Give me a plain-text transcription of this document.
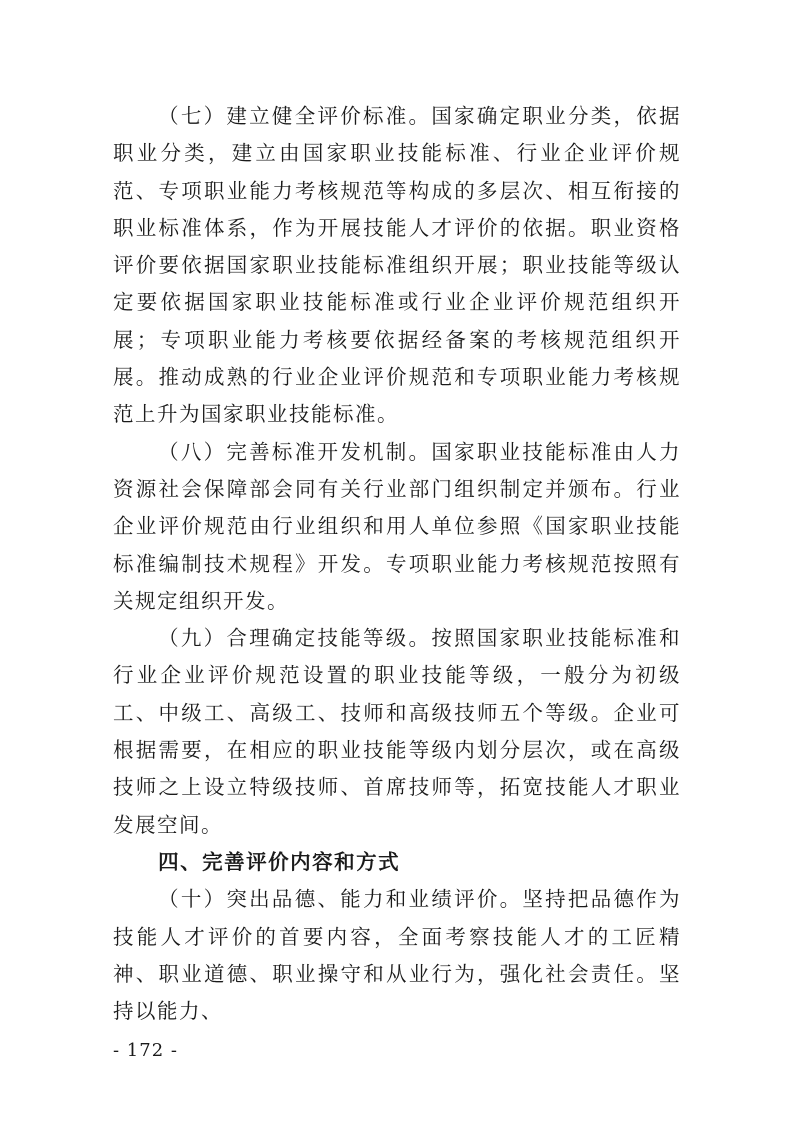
（七）建立健全评价标准。国家确定职业分类，依据职业分类，建立由国家职业技能标准、行业企业评价规范、专项职业能力考核规范等构成的多层次、相互衔接的职业标准体系，作为开展技能人才评价的依据。职业资格评价要依据国家职业技能标准组织开展；职业技能等级认定要依据国家职业技能标准或行业企业评价规范组织开展；专项职业能力考核要依据经备案的考核规范组织开展。推动成熟的行业企业评价规范和专项职业能力考核规范上升为国家职业技能标准。

（八）完善标准开发机制。国家职业技能标准由人力资源社会保障部会同有关行业部门组织制定并颁布。行业企业评价规范由行业组织和用人单位参照《国家职业技能标准编制技术规程》开发。专项职业能力考核规范按照有关规定组织开发。

（九）合理确定技能等级。按照国家职业技能标准和行业企业评价规范设置的职业技能等级，一般分为初级工、中级工、高级工、技师和高级技师五个等级。企业可根据需要，在相应的职业技能等级内划分层次，或在高级技师之上设立特级技师、首席技师等，拓宽技能人才职业发展空间。

四、完善评价内容和方式

（十）突出品德、能力和业绩评价。坚持把品德作为技能人才评价的首要内容，全面考察技能人才的工匠精神、职业道德、职业操守和从业行为，强化社会责任。坚持以能力、

- 172 -
